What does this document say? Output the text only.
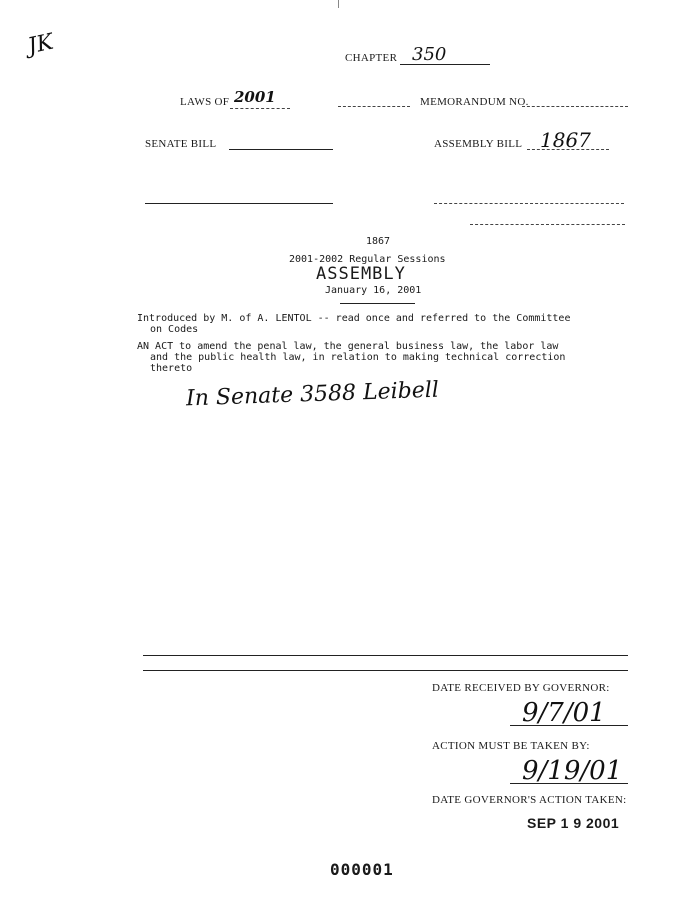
JK	CHAPTER 350
LAWS OF 2001	MEMORANDUM NO.
SENATE BILL	ASSEMBLY BILL 1867
1867
2001-2002 Regular Sessions
ASSEMBLY
January 16, 2001
Introduced by M. of A. LENTOL -- read once and referred to the Committee
on Codes
AN ACT to amend the penal law, the general business law, the labor law
and the public health law, in relation to making technical correction
thereto
In Senate 3588 Leibell
DATE RECEIVED BY GOVERNOR:
9/7/01
ACTION MUST BE TAKEN BY:
9/19/01
DATE GOVERNOR'S ACTION TAKEN:
SEP 1 9 2001
000001
